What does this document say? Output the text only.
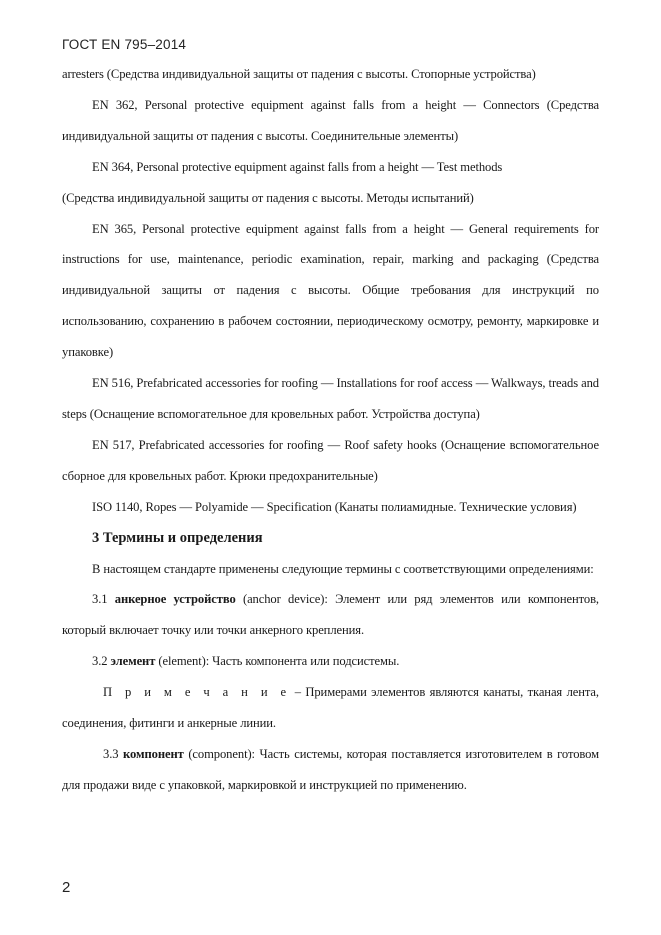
ГОСТ EN 795–2014

arresters (Средства индивидуальной защиты от падения с высоты. Стопорные устройства)

EN 362, Personal protective equipment against falls from a height — Connectors (Средства индивидуальной защиты от падения с высоты. Соединительные элементы)

EN 364, Personal protective equipment against falls from a height — Test methods

(Средства индивидуальной защиты от падения с высоты. Методы испытаний)

EN 365, Personal protective equipment against falls from a height — General requirements for instructions for use, maintenance, periodic examination, repair, marking and packaging (Средства индивидуальной защиты от падения с высоты. Общие требования для инструкций по использованию, сохранению в рабочем состоянии, периодическому осмотру, ремонту, маркировке и упаковке)

EN 516, Prefabricated accessories for roofing — Installations for roof access — Walkways, treads and steps (Оснащение вспомогательное для кровельных работ. Устройства доступа)

EN 517, Prefabricated accessories for roofing — Roof safety hooks (Оснащение вспомогательное сборное для кровельных работ. Крюки предохранительные)

ISO 1140, Ropes — Polyamide — Specification (Канаты полиамидные. Технические условия)

3 Термины и определения

В настоящем стандарте применены следующие термины с соответствующими определениями:

3.1 анкерное устройство (anchor device): Элемент или ряд элементов или компонентов, который включает точку или точки анкерного крепления.

3.2 элемент (element): Часть компонента или подсистемы.

П р и м е ч а н и е – Примерами элементов являются канаты, тканая лента, соединения, фитинги и анкерные линии.

3.3 компонент (component): Часть системы, которая поставляется изготовителем в готовом для продажи виде с упаковкой, маркировкой и инструкцией по применению.

2
